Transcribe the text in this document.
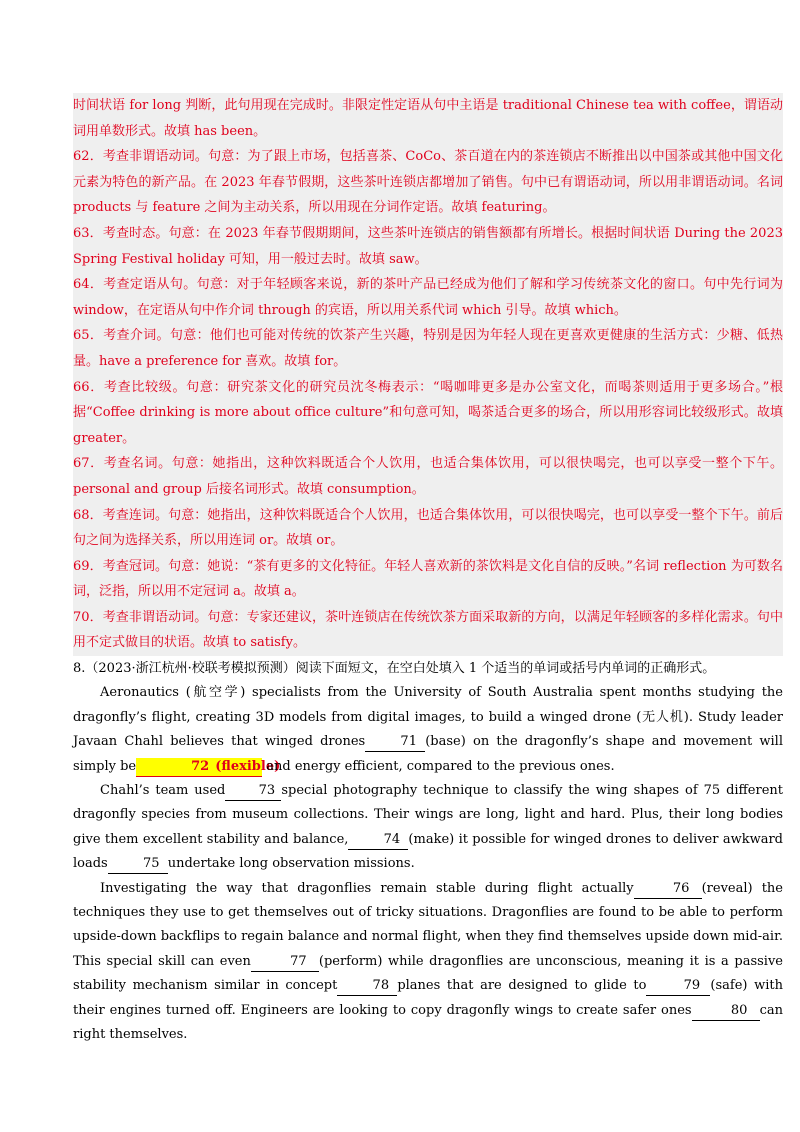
时间状语 for long 判断，此句用现在完成时。非限定性定语从句中主语是 traditional Chinese tea with coffee，谓语动词用单数形式。故填 has been。

62．考查非谓语动词。句意：为了跟上市场，包括喜茶、CoCo、茶百道在内的茶连锁店不断推出以中国茶或其他中国文化元素为特色的新产品。在 2023 年春节假期，这些茶叶连锁店都增加了销售。句中已有谓语动词，所以用非谓语动词。名词 products 与 feature 之间为主动关系，所以用现在分词作定语。故填 featuring。

63．考查时态。句意：在 2023 年春节假期期间，这些茶叶连锁店的销售额都有所增长。根据时间状语 During the 2023 Spring Festival holiday 可知，用一般过去时。故填 saw。

64．考查定语从句。句意：对于年轻顾客来说，新的茶叶产品已经成为他们了解和学习传统茶文化的窗口。句中先行词为 window，在定语从句中作介词 through 的宾语，所以用关系代词 which 引导。故填 which。

65．考查介词。句意：他们也可能对传统的饮茶产生兴趣，特别是因为年轻人现在更喜欢更健康的生活方式：少糖、低热量。have a preference for 喜欢。故填 for。

66．考查比较级。句意：研究茶文化的研究员沈冬梅表示：“喝咖啡更多是办公室文化，而喝茶则适用于更多场合。”根据“Coffee drinking is more about office culture”和句意可知，喝茶适合更多的场合，所以用形容词比较级形式。故填 greater。

67．考查名词。句意：她指出，这种饮料既适合个人饮用，也适合集体饮用，可以很快喝完，也可以享受一整个下午。personal and group 后接名词形式。故填 consumption。

68．考查连词。句意：她指出，这种饮料既适合个人饮用，也适合集体饮用，可以很快喝完，也可以享受一整个下午。前后句之间为选择关系，所以用连词 or。故填 or。

69．考查冠词。句意：她说：“茶有更多的文化特征。年轻人喜欢新的茶饮料是文化自信的反映。”名词 reflection 为可数名词，泛指，所以用不定冠词 a。故填 a。

70．考查非谓语动词。句意：专家还建议，茶叶连锁店在传统饮茶方面采取新的方向，以满足年轻顾客的多样化需求。句中用不定式做目的状语。故填 to satisfy。

8.（2023·浙江杭州·校联考模拟预测）阅读下面短文，在空白处填入 1 个适当的单词或括号内单词的正确形式。

Aeronautics (航空学) specialists from the University of South Australia spent months studying the dragonfly’s flight, creating 3D models from digital images, to build a winged drone (无人机). Study leader Javaan Chahl believes that winged drones	71 (base) on the dragonfly’s shape and movement will simply be	72 (flexible) and energy efficient, compared to the previous ones.

Chahl’s team used	73 special photography technique to classify the wing shapes of 75 different dragonfly species from museum collections. Their wings are long, light and hard. Plus, their long bodies give them excellent stability and balance,	74 (make) it possible for winged drones to deliver awkward loads	75 undertake long observation missions.

Investigating the way that dragonflies remain stable during flight actually	76 (reveal) the techniques they use to get themselves out of tricky situations. Dragonflies are found to be able to perform upside-down backflips to regain balance and normal flight, when they find themselves upside down mid-air. This special skill can even	77 (perform) while dragonflies are unconscious, meaning it is a passive stability mechanism similar in concept	78 planes that are designed to glide to	79 (safe) with their engines turned off. Engineers are looking to copy dragonfly wings to create safer ones	80 can right themselves.
